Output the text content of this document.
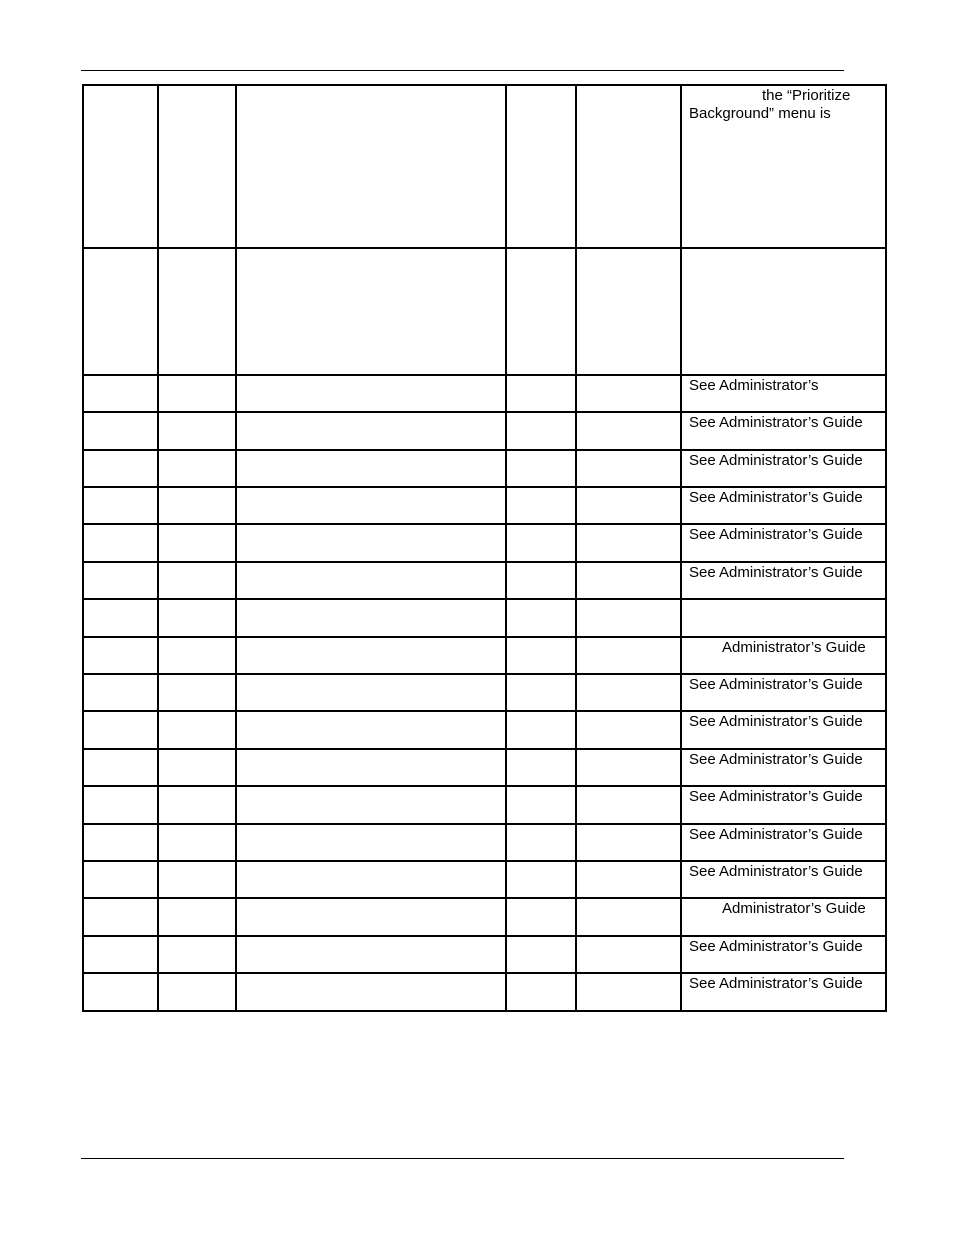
					the “Prioritize
Background” menu is

					See Administrator’s

					See Administrator’s Guide

					See Administrator’s Guide

					See Administrator’s Guide

					See Administrator’s Guide

					See Administrator’s Guide

					Administrator’s Guide

					See Administrator’s Guide

					See Administrator’s Guide

					See Administrator’s Guide

					See Administrator’s Guide

					See Administrator’s Guide

					See Administrator’s Guide

					Administrator’s Guide

					See Administrator’s Guide

					See Administrator’s Guide
